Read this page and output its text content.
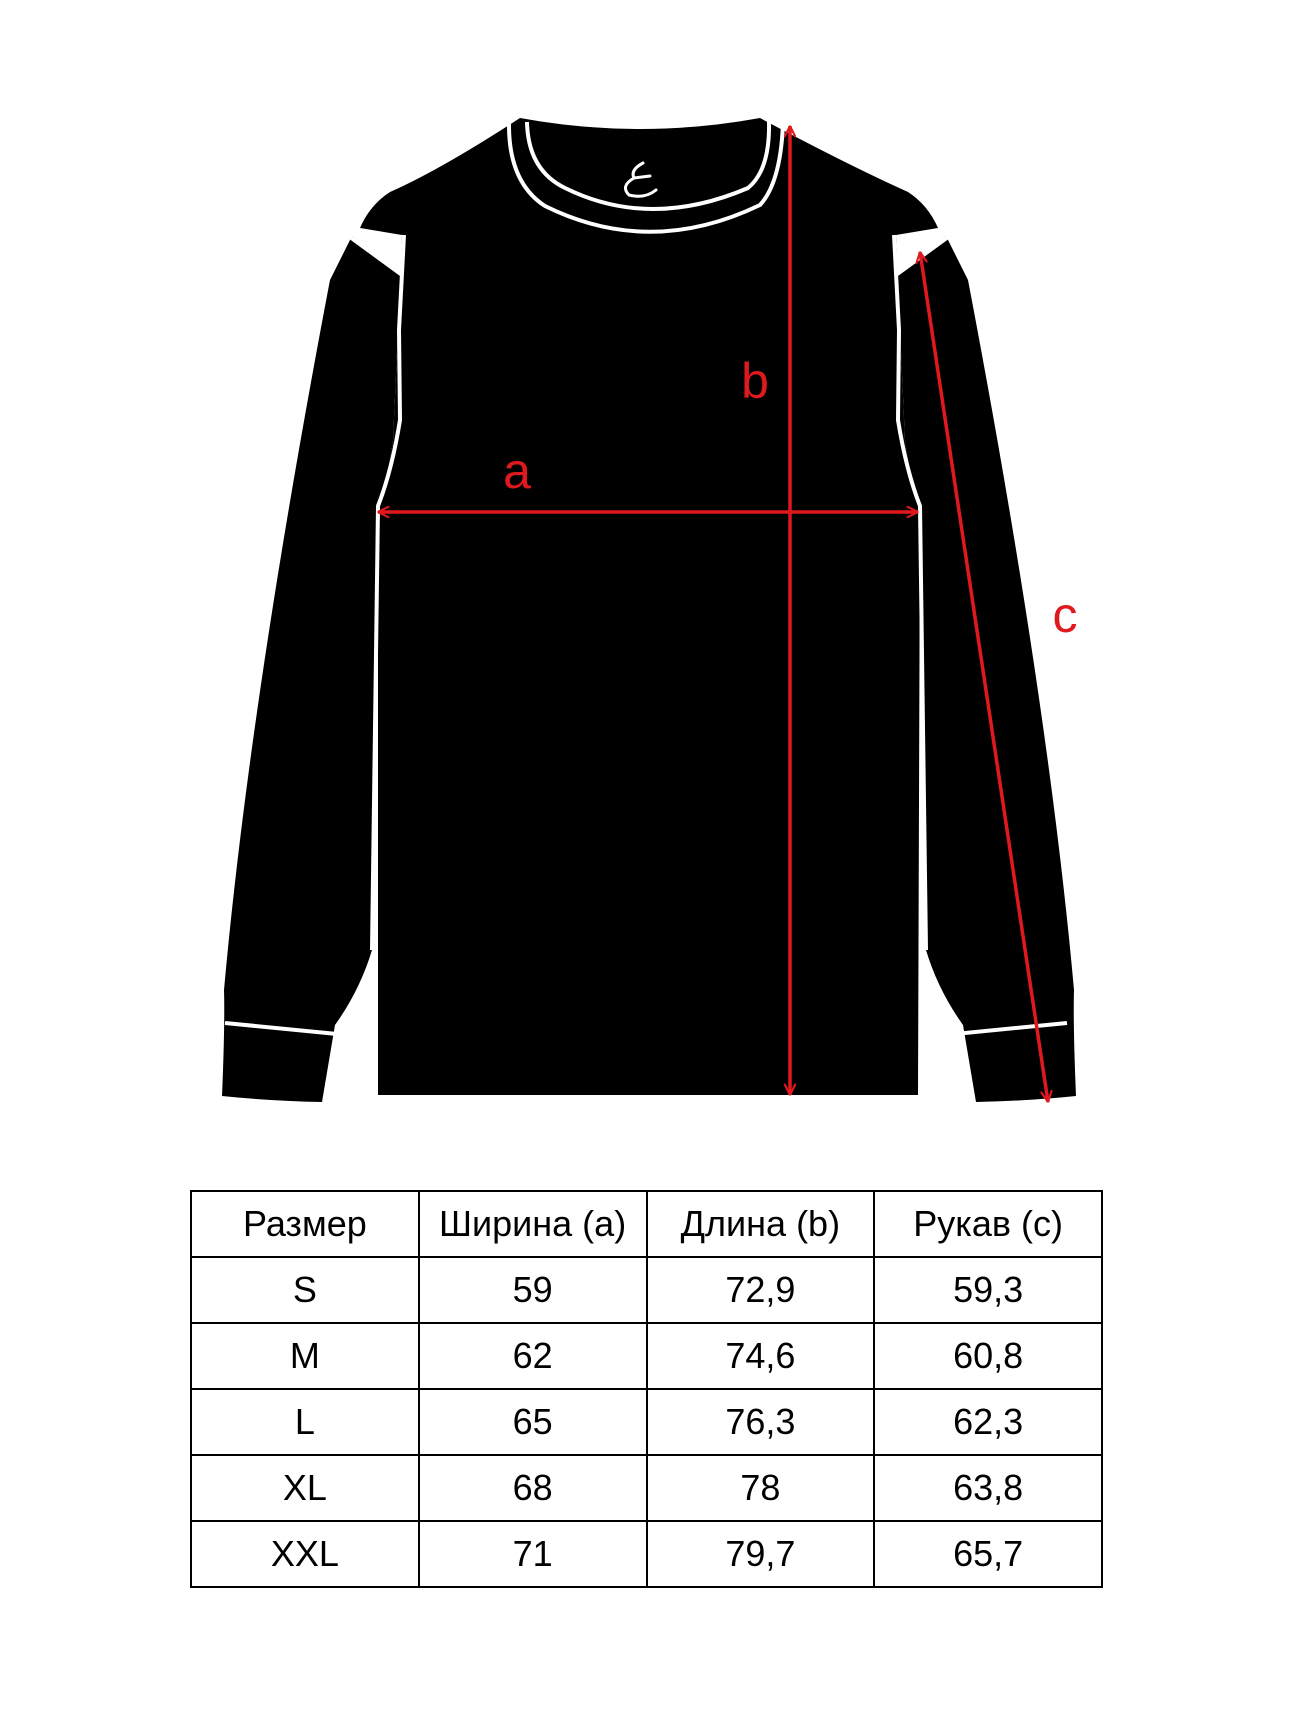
a
b
c
Размер	Ширина (a)	Длина (b)	Рукав (c)
S	59	72,9	59,3
M	62	74,6	60,8
L	65	76,3	62,3
XL	68	78	63,8
XXL	71	79,7	65,7
